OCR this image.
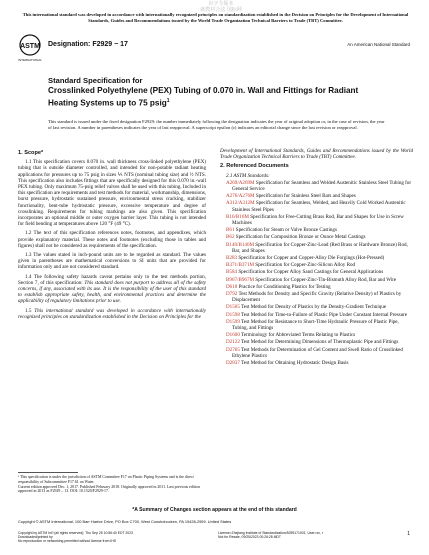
识字令版本
就教材合法 国标网
This international standard was developed in accordance with internationally recognized principles on standardization established in the Decision on Principles for the Development of International Standards, Guides and Recommendations issued by the World Trade Organization Technical Barriers to Trade (TBT) Committee.
ASTM
INTERNATIONAL
Designation: F2929 − 17	An American National Standard
Standard Specification for
Crosslinked Polyethylene (PEX) Tubing of 0.070 in. Wall and Fittings for Radiant Heating Systems up to 75 psig$^1$
This standard is issued under the fixed designation F2929; the number immediately following the designation indicates the year of original adoption or, in the case of revision, the year of last revision. A number in parentheses indicates the year of last reapproval. A superscript epsilon (ε) indicates an editorial change since the last revision or reapproval.
1. Scope*

1.1 This specification covers 0.070 in. wall thickness cross-linked polyethylene (PEX) tubing that is outside diameter controlled, and intended for non-potable radiant heating applications for pressures up to 75 psig in sizes ⅕ NTS (nominal tubing size) and ½ NTS. This specification also includes fittings that are specifically designed for this 0.070 in.-wall PEX tubing. Only maximum 75-psig relief valves shall be used with this tubing. Included in this specification are requirements and test methods for material, workmanship, dimensions, burst pressure, hydrostatic sustained pressure, environmental stress cracking, stabilizer functionality, bent-tube hydrostatic pressure, excessive temperature and degree of crosslinking. Requirements for tubing markings are also given. This specification incorporates an optional middle or outer oxygen barrier layer. This tubing is not intended for field bending at temperatures above 120 °F (49 °C).

1.2 The text of this specification references notes, footnotes, and appendixes, which provide explanatory material. These notes and footnotes (excluding those in tables and figures) shall not be considered as requirements of the specification.

1.3 The values stated in inch-pound units are to be regarded as standard. The values given in parentheses are mathematical conversions to SI units that are provided for information only and are not considered standard.

1.4 The following safety hazards caveat pertains only to the test methods portion, Section 7, of this specification: This standard does not purport to address all of the safety concerns, if any, associated with its use. It is the responsibility of the user of this standard to establish appropriate safety, health, and environmental practices and determine the applicability of regulatory limitations prior to use.

1.5 This international standard was developed in accordance with internationally recognized principles on standardization established in the Decision on Principles for the

Development of International Standards, Guides and Recommendations issued by the World Trade Organization Technical Barriers to Trade (TBT) Committee.

2. Referenced Documents
2.1 ASTM Standards:
A269/A269M Specification for Seamless and Welded Austenitic Stainless Steel Tubing for General Service
A276/A276M Specification for Stainless Steel Bars and Shapes
A312/A312M Specification for Seamless, Welded, and Heavily Cold Worked Austenitic Stainless Steel Pipes
B16/B16M Specification for Free-Cutting Brass Rod, Bar and Shapes for Use in Screw Machines
B61 Specification for Steam or Valve Bronze Castings
B62 Specification for Composition Bronze or Ounce Metal Castings
B140/B140M Specification for Copper-Zinc-Lead (Red Brass or Hardware Bronze) Rod, Bar, and Shapes
B283 Specification for Copper and Copper-Alloy Die Forgings (Hot-Pressed)
B371/B371M Specification for Copper-Zinc-Silicon Alloy Rod
B584 Specification for Copper Alloy Sand Castings for General Applications
B967/B967M Specification for Copper-Zinc-Tin-Bismuth Alloy Rod, Bar and Wire
D618 Practice for Conditioning Plastics for Testing
D792 Test Methods for Density and Specific Gravity (Relative Density) of Plastics by Displacement
D1505 Test Method for Density of Plastics by the Density-Gradient Technique
D1598 Test Method for Time-to-Failure of Plastic Pipe Under Constant Internal Pressure
D1599 Test Method for Resistance to Short-Time Hydraulic Pressure of Plastic Pipe, Tubing, and Fittings
D1600 Terminology for Abbreviated Terms Relating to Plastics
D2122 Test Method for Determining Dimensions of Thermoplastic Pipe and Fittings
D2765 Test Methods for Determination of Gel Content and Swell Ratio of Crosslinked Ethylene Plastics
D2837 Test Method for Obtaining Hydrostatic Design Basis
¹ This specification is under the jurisdiction of ASTM Committee F17 on Plastic Piping Systems and is the direct responsibility of Subcommittee F17.61 on Water.
Current edition approved Dec. 1, 2017. Published February 2018. Originally approved in 2011. Last previous edition approved in 2013 as F2929 – 13. DOI: 10.1520/F2929-17.
*A Summary of Changes section appears at the end of this standard
Copyright © ASTM International, 100 Barr Harbor Drive, PO Box C700, West Conshohocken, PA 19428-2959. United States
Copyright by ASTM Int'l (all rights reserved); Thu Sep 25 10:56:40 EDT 2023
Downloaded/printed by
No reproduction or networking permitted without license from IHS
License=Zhejiang Institute of Standardization/5259171001, User=xx, r
Not for Resale, 09/25/2023 00:26:28 MDT
1
